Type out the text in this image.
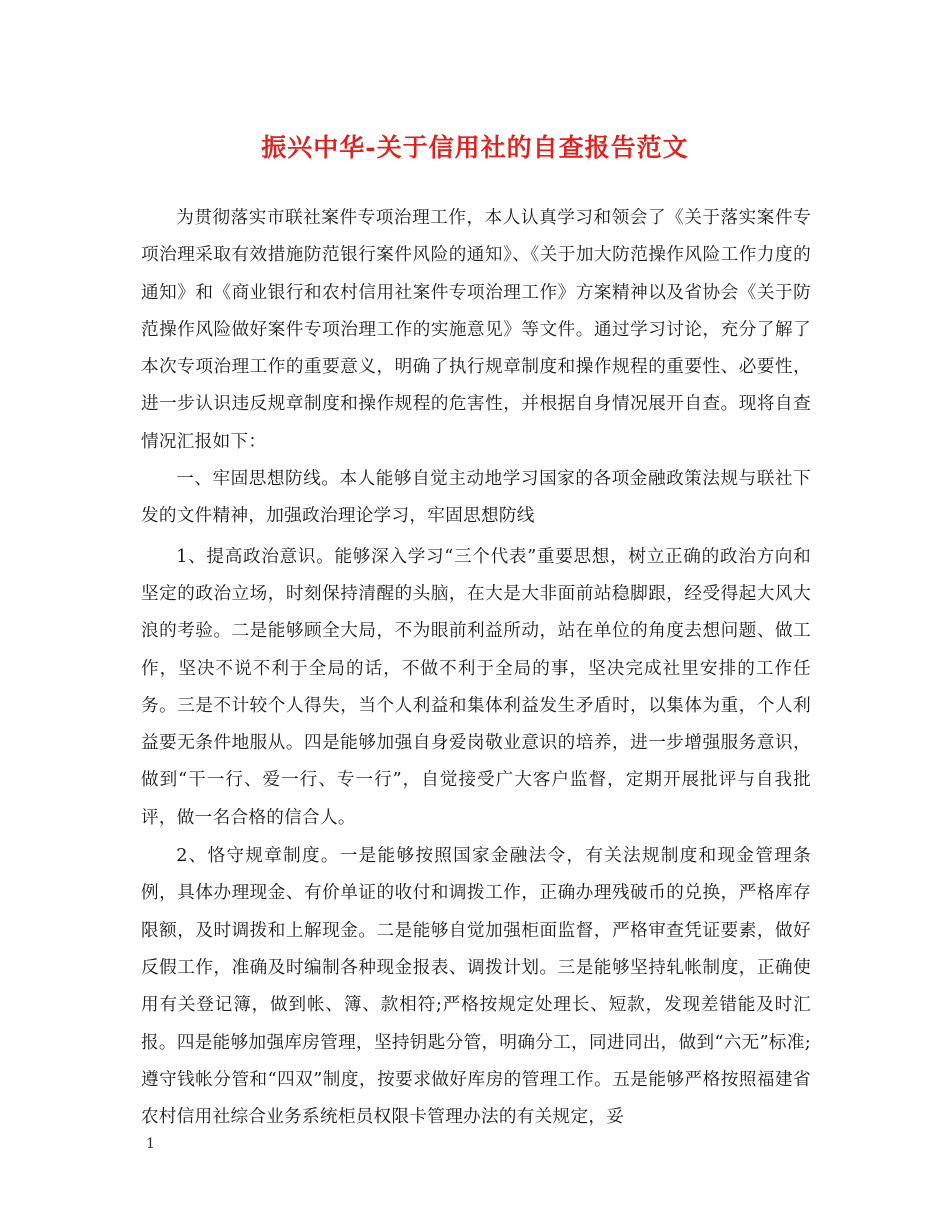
振兴中华-关于信用社的自查报告范文

为贯彻落实市联社案件专项治理工作，本人认真学习和领会了《关于落实案件专项治理采取有效措施防范银行案件风险的通知》、《关于加大防范操作风险工作力度的通知》和《商业银行和农村信用社案件专项治理工作》方案精神以及省协会《关于防范操作风险做好案件专项治理工作的实施意见》等文件。通过学习讨论，充分了解了本次专项治理工作的重要意义，明确了执行规章制度和操作规程的重要性、必要性，进一步认识违反规章制度和操作规程的危害性，并根据自身情况展开自查。现将自查情况汇报如下：

一、牢固思想防线。本人能够自觉主动地学习国家的各项金融政策法规与联社下发的文件精神，加强政治理论学习，牢固思想防线

1、提高政治意识。能够深入学习“三个代表”重要思想，树立正确的政治方向和坚定的政治立场，时刻保持清醒的头脑，在大是大非面前站稳脚跟，经受得起大风大浪的考验。二是能够顾全大局，不为眼前利益所动，站在单位的角度去想问题、做工作，坚决不说不利于全局的话，不做不利于全局的事，坚决完成社里安排的工作任务。三是不计较个人得失，当个人利益和集体利益发生矛盾时，以集体为重，个人利益要无条件地服从。四是能够加强自身爱岗敬业意识的培养，进一步增强服务意识，做到“干一行、爱一行、专一行”，自觉接受广大客户监督，定期开展批评与自我批评，做一名合格的信合人。

2、恪守规章制度。一是能够按照国家金融法令，有关法规制度和现金管理条例，具体办理现金、有价单证的收付和调拨工作，正确办理残破币的兑换，严格库存限额，及时调拨和上解现金。二是能够自觉加强柜面监督，严格审查凭证要素，做好反假工作，准确及时编制各种现金报表、调拨计划。三是能够坚持轧帐制度，正确使用有关登记簿，做到帐、簿、款相符;严格按规定处理长、短款，发现差错能及时汇报。四是能够加强库房管理，坚持钥匙分管，明确分工，同进同出，做到“六无”标准;遵守钱帐分管和“四双”制度，按要求做好库房的管理工作。五是能够严格按照福建省农村信用社综合业务系统柜员权限卡管理办法的有关规定，妥

1
